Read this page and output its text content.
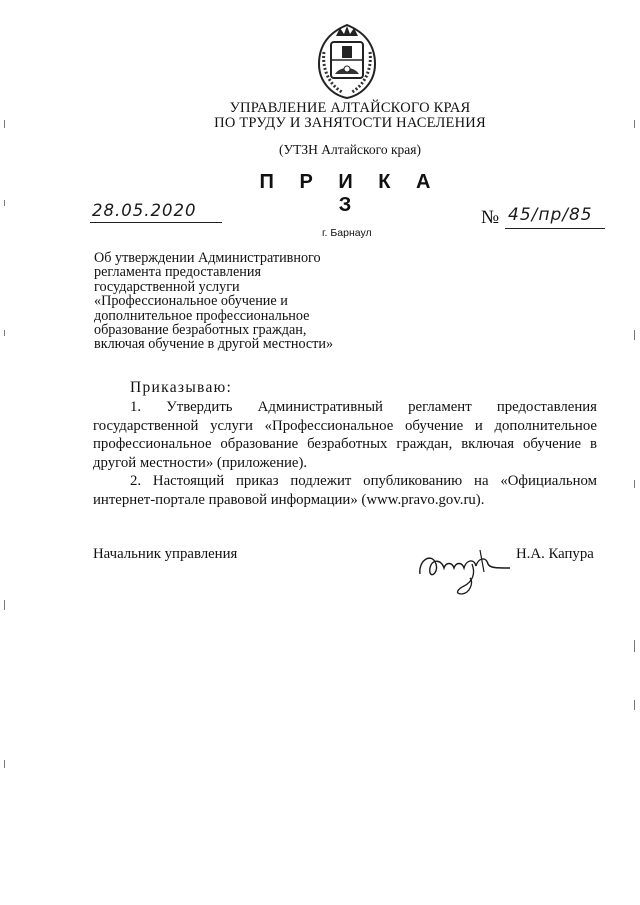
УПРАВЛЕНИЕ АЛТАЙСКОГО КРАЯ
ПО ТРУДУ И ЗАНЯТОСТИ НАСЕЛЕНИЯ
(УТЗН Алтайского края)
П Р И К А З
28.05.2020
г. Барнаул
№ 45/пр/85
Об утверждении Административного регламента предоставления государственной услуги «Профессиональное обучение и дополнительное профессиональное образование безработных граждан, включая обучение в другой местности»
Приказываю:

1. Утвердить Административный регламент предоставления государственной услуги «Профессиональное обучение и дополнительное профессиональное образование безработных граждан, включая обучение в другой местности» (приложение).

2. Настоящий приказ подлежит опубликованию на «Официальном интернет-портале правовой информации» (www.pravo.gov.ru).

Начальник управления	Н.А. Капура
